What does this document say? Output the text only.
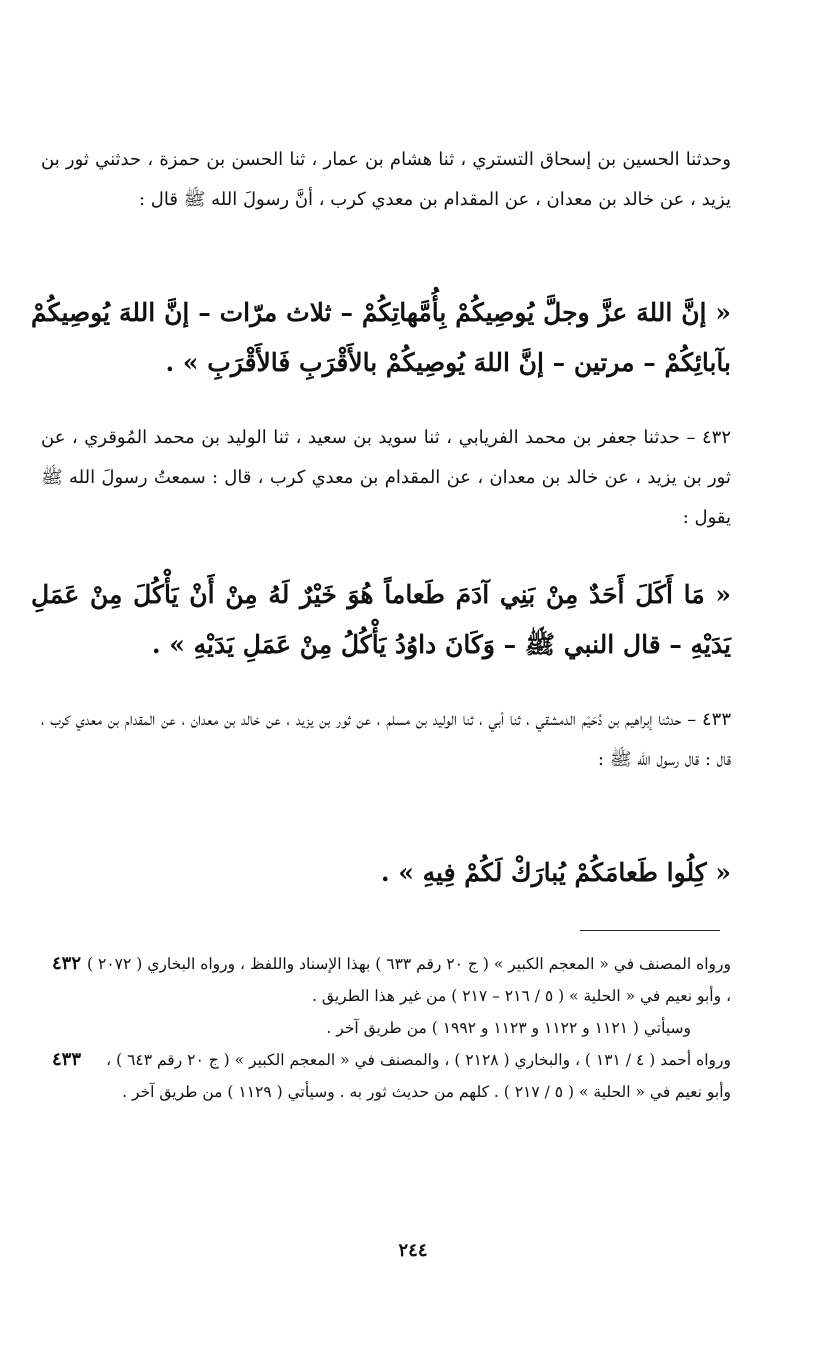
وحدثنا الحسين بن إسحاق التستري ، ثنا هشام بن عمار ، ثنا الحسن بن حمزة ، حدثني ثور بن يزيد ، عن خالد بن معدان ، عن المقدام بن معدي كرب ، أنَّ رسولَ الله ﷺ قال :
« إنَّ اللهَ عزَّ وجلَّ يُوصِيكُمْ بِأُمَّهاتِكُمْ – ثلاث مرّات – إنَّ اللهَ يُوصِيكُمْ بآبائِكُمْ – مرتين – إنَّ اللهَ يُوصِيكُمْ بالأَقْرَبِ فَالأَقْرَبِ » .
٤٣٢ – حدثنا جعفر بن محمد الفريابي ، ثنا سويد بن سعيد ، ثنا الوليد بن محمد المُوقري ، عن ثور بن يزيد ، عن خالد بن معدان ، عن المقدام بن معدي كرب ، قال : سمعتُ رسولَ الله ﷺ يقول :
« مَا أَكَلَ أَحَدٌ مِنْ بَنِي آدَمَ طَعاماً هُوَ خَيْرٌ لَهُ مِنْ أَنْ يَأْكُلَ مِنْ عَمَلِ يَدَيْهِ – قال النبي ﷺ – وَكَانَ داوُدُ يَأْكُلُ مِنْ عَمَلِ يَدَيْهِ » .
٤٣٣ – حدثنا إبراهيم بن دُحَيْم الدمشقي ، ثنا أبي ، ثنا الوليد بن مسلم ، عن ثور بن يزيد ، عن خالد بن معدان ، عن المقدام بن معدي كرب ، قال : قال رسول الله ﷺ :
« كِلُوا طَعامَكُمْ يُبارَكْ لَكُمْ فِيهِ » .
٤٣٢ ورواه المصنف في « المعجم الكبير » ( ج ٢٠ رقم ٦٣٣ ) بهذا الإسناد واللفظ ، ورواه البخاري ( ٢٠٧٢ ) ، وأبو نعيم في « الحلية » ( ٥ / ٢١٦ – ٢١٧ ) من غير هذا الطريق .
وسيأتي ( ١١٢١ و ١١٢٢ و ١١٢٣ و ١٩٩٢ ) من طريق آخر .
٤٣٣	ورواه أحمد ( ٤ / ١٣١ ) ، والبخاري ( ٢١٢٨ ) ، والمصنف في « المعجم الكبير » ( ج ٢٠ رقم ٦٤٣ ) ، وأبو نعيم في « الحلية » ( ٥ / ٢١٧ ) . كلهم من حديث ثور به . وسيأتي ( ١١٢٩ ) من طريق آخر .
٢٤٤
